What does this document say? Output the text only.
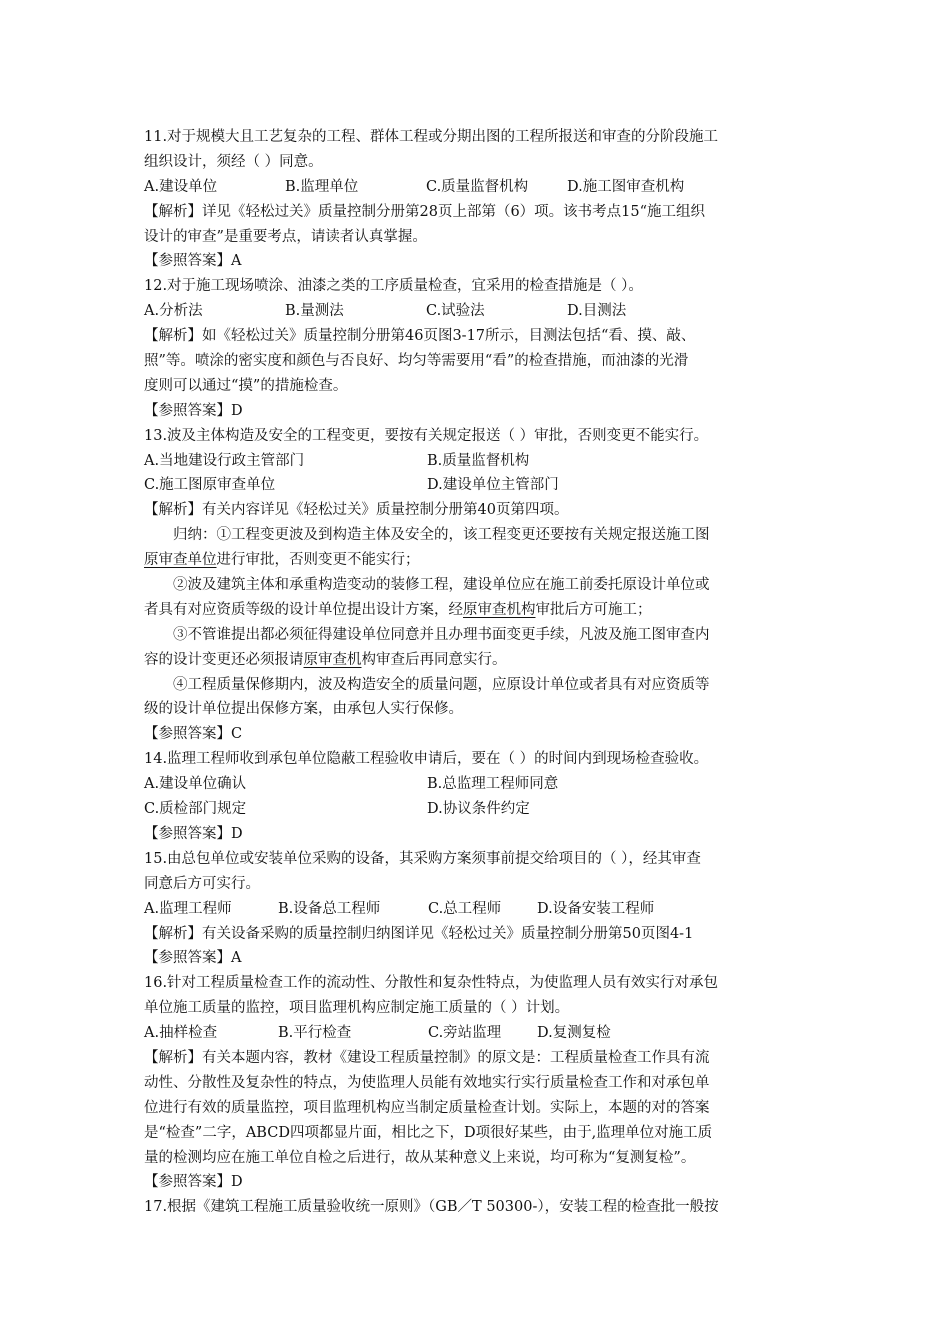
11.对于规模大且工艺复杂的工程、群体工程或分期出图的工程所报送和审查的分阶段施工
组织设计，须经（ ）同意。
A.建设单位	B.监理单位	C.质量监督机构	D.施工图审查机构
【解析】详见《轻松过关》质量控制分册第28页上部第（6）项。该书考点15“施工组织
设计的审查”是重要考点，请读者认真掌握。
【参照答案】A
12.对于施工现场喷涂、油漆之类的工序质量检查，宜采用的检查措施是（ ）。
A.分析法	B.量测法	C.试验法	D.目测法
【解析】如《轻松过关》质量控制分册第46页图3-17所示，目测法包括“看、摸、敲、
照”等。喷涂的密实度和颜色与否良好、均匀等需要用“看”的检查措施，而油漆的光滑
度则可以通过“摸”的措施检查。
【参照答案】D
13.波及主体构造及安全的工程变更，要按有关规定报送（ ）审批，否则变更不能实行。
A.当地建设行政主管部门	B.质量监督机构
C.施工图原审查单位	D.建设单位主管部门
【解析】有关内容详见《轻松过关》质量控制分册第40页第四项。
归纳：①工程变更波及到构造主体及安全的，该工程变更还要按有关规定报送施工图
原审查单位进行审批，否则变更不能实行；
②波及建筑主体和承重构造变动的装修工程，建设单位应在施工前委托原设计单位或
者具有对应资质等级的设计单位提出设计方案，经原审查机构审批后方可施工；
③不管谁提出都必须征得建设单位同意并且办理书面变更手续，凡波及施工图审查内
容的设计变更还必须报请原审查机构审查后再同意实行。
④工程质量保修期内，波及构造安全的质量问题，应原设计单位或者具有对应资质等
级的设计单位提出保修方案，由承包人实行保修。
【参照答案】C
14.监理工程师收到承包单位隐蔽工程验收申请后，要在（ ）的时间内到现场检查验收。
A.建设单位确认	B.总监理工程师同意
C.质检部门规定	D.协议条件约定
【参照答案】D
15.由总包单位或安装单位采购的设备，其采购方案须事前提交给项目的（ ），经其审查
同意后方可实行。
A.监理工程师	B.设备总工程师	C.总工程师	D.设备安装工程师
【解析】有关设备采购的质量控制归纳图详见《轻松过关》质量控制分册第50页图4-1
【参照答案】A
16.针对工程质量检查工作的流动性、分散性和复杂性特点，为使监理人员有效实行对承包
单位施工质量的监控，项目监理机构应制定施工质量的（ ）计划。
A.抽样检查	B.平行检查	C.旁站监理	D.复测复检
【解析】有关本题内容，教材《建设工程质量控制》的原文是：工程质量检查工作具有流
动性、分散性及复杂性的特点，为使监理人员能有效地实行实行质量检查工作和对承包单
位进行有效的质量监控，项目监理机构应当制定质量检查计划。实际上，本题的对的答案
是“检查”二字，ABCD四项都显片面，相比之下，D项很好某些，由于,监理单位对施工质
量的检测均应在施工单位自检之后进行，故从某种意义上来说，均可称为“复测复检”。
【参照答案】D
17.根据《建筑工程施工质量验收统一原则》（GB／T 50300-），安装工程的检查批一般按
